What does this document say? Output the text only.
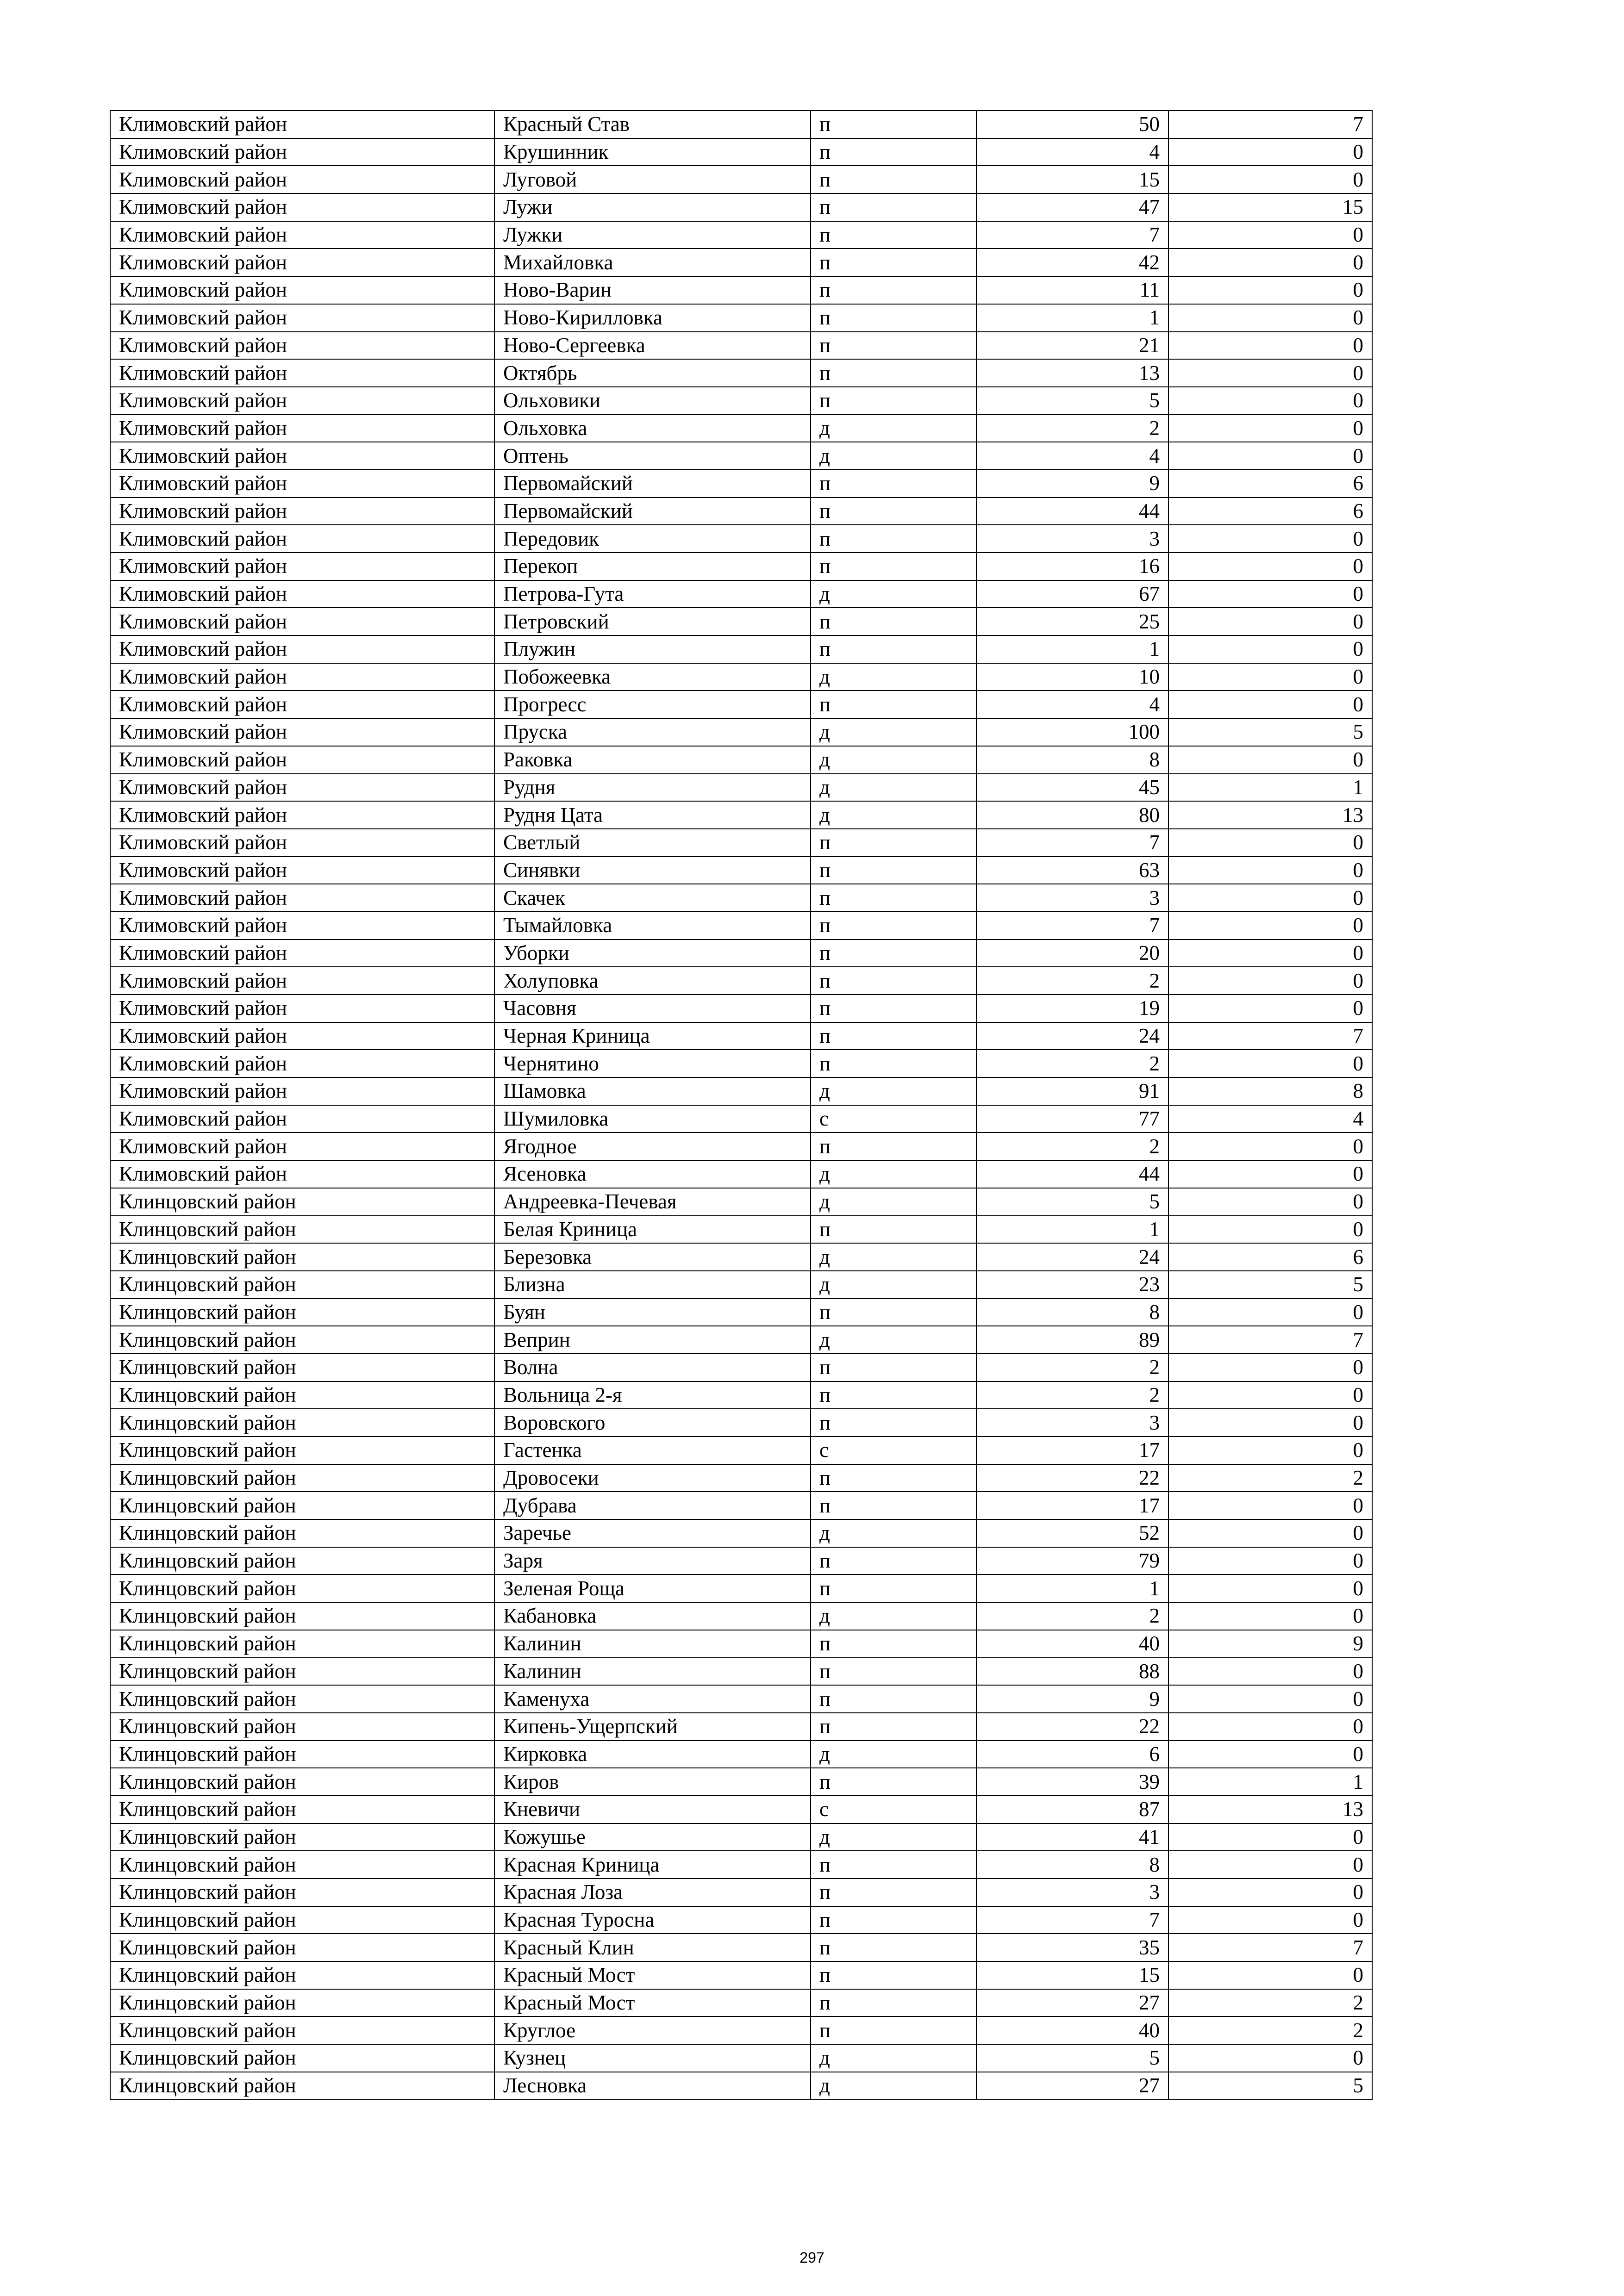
Климовский район	Красный Став	п	50	7
Климовский район	Крушинник	п	4	0
Климовский район	Луговой	п	15	0
Климовский район	Лужи	п	47	15
Климовский район	Лужки	п	7	0
Климовский район	Михайловка	п	42	0
Климовский район	Ново-Варин	п	11	0
Климовский район	Ново-Кирилловка	п	1	0
Климовский район	Ново-Сергеевка	п	21	0
Климовский район	Октябрь	п	13	0
Климовский район	Ольховики	п	5	0
Климовский район	Ольховка	д	2	0
Климовский район	Оптень	д	4	0
Климовский район	Первомайский	п	9	6
Климовский район	Первомайский	п	44	6
Климовский район	Передовик	п	3	0
Климовский район	Перекоп	п	16	0
Климовский район	Петрова-Гута	д	67	0
Климовский район	Петровский	п	25	0
Климовский район	Плужин	п	1	0
Климовский район	Побожеевка	д	10	0
Климовский район	Прогресс	п	4	0
Климовский район	Пруска	д	100	5
Климовский район	Раковка	д	8	0
Климовский район	Рудня	д	45	1
Климовский район	Рудня Цата	д	80	13
Климовский район	Светлый	п	7	0
Климовский район	Синявки	п	63	0
Климовский район	Скачек	п	3	0
Климовский район	Тымайловка	п	7	0
Климовский район	Уборки	п	20	0
Климовский район	Холуповка	п	2	0
Климовский район	Часовня	п	19	0
Климовский район	Черная Криница	п	24	7
Климовский район	Чернятино	п	2	0
Климовский район	Шамовка	д	91	8
Климовский район	Шумиловка	с	77	4
Климовский район	Ягодное	п	2	0
Климовский район	Ясеновка	д	44	0
Клинцовский район	Андреевка-Печевая	д	5	0
Клинцовский район	Белая Криница	п	1	0
Клинцовский район	Березовка	д	24	6
Клинцовский район	Близна	д	23	5
Клинцовский район	Буян	п	8	0
Клинцовский район	Веприн	д	89	7
Клинцовский район	Волна	п	2	0
Клинцовский район	Вольница 2-я	п	2	0
Клинцовский район	Воровского	п	3	0
Клинцовский район	Гастенка	с	17	0
Клинцовский район	Дровосеки	п	22	2
Клинцовский район	Дубрава	п	17	0
Клинцовский район	Заречье	д	52	0
Клинцовский район	Заря	п	79	0
Клинцовский район	Зеленая Роща	п	1	0
Клинцовский район	Кабановка	д	2	0
Клинцовский район	Калинин	п	40	9
Клинцовский район	Калинин	п	88	0
Клинцовский район	Каменуха	п	9	0
Клинцовский район	Кипень-Ущерпский	п	22	0
Клинцовский район	Кирковка	д	6	0
Клинцовский район	Киров	п	39	1
Клинцовский район	Кневичи	с	87	13
Клинцовский район	Кожушье	д	41	0
Клинцовский район	Красная Криница	п	8	0
Клинцовский район	Красная Лоза	п	3	0
Клинцовский район	Красная Туросна	п	7	0
Клинцовский район	Красный Клин	п	35	7
Клинцовский район	Красный Мост	п	15	0
Клинцовский район	Красный Мост	п	27	2
Клинцовский район	Круглое	п	40	2
Клинцовский район	Кузнец	д	5	0
Клинцовский район	Лесновка	д	27	5
297
